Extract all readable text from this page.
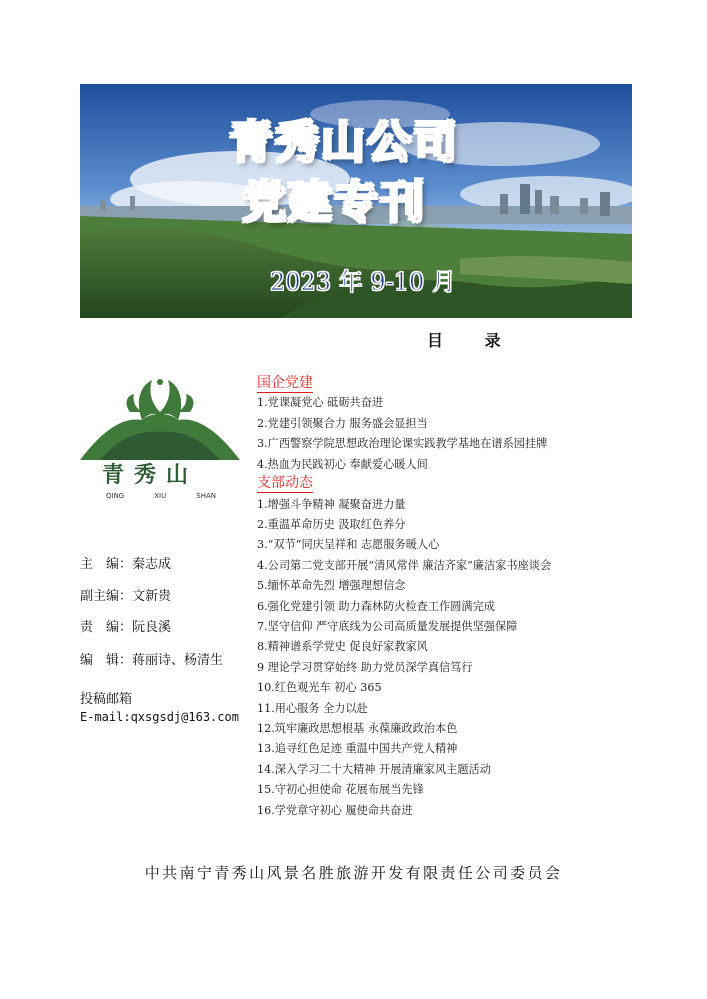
青秀山公司
党建专刊
2023 年 9-10 月
目 录
青秀山
QING	XIU	SHAN
主　编：秦志成
副主编：文新贵
责　编：阮良溪
编　辑：蒋丽诗、杨清生
投稿邮箱
E-mail:qxsgsdj@163.com
国企党建
1.党课凝党心 砥砺共奋进
2.党建引领聚合力 服务盛会显担当
3.广西警察学院思想政治理论课实践教学基地在谱系园挂牌
4.热血为民践初心 奉献爱心暖人间
支部动态
1.增强斗争精神 凝聚奋进力量
2.重温革命历史 汲取红色养分
3.“双节”同庆呈祥和 志愿服务暖人心
4.公司第二党支部开展“清风常伴 廉洁齐家”廉洁家书座谈会
5.缅怀革命先烈 增强理想信念
6.强化党建引领 助力森林防火检查工作圆满完成
7.坚守信仰 严守底线为公司高质量发展提供坚强保障
8.精神谱系学党史 促良好家教家风
9 理论学习贯穿始终 助力党员深学真信笃行
10.红色观光车 初心 365
11.用心服务 全力以赴
12.筑牢廉政思想根基 永葆廉政政治本色
13.追寻红色足迹 重温中国共产党人精神
14.深入学习二十大精神 开展清廉家风主题活动
15.守初心担使命 花展布展当先锋
16.学党章守初心 履使命共奋进
中共南宁青秀山风景名胜旅游开发有限责任公司委员会
